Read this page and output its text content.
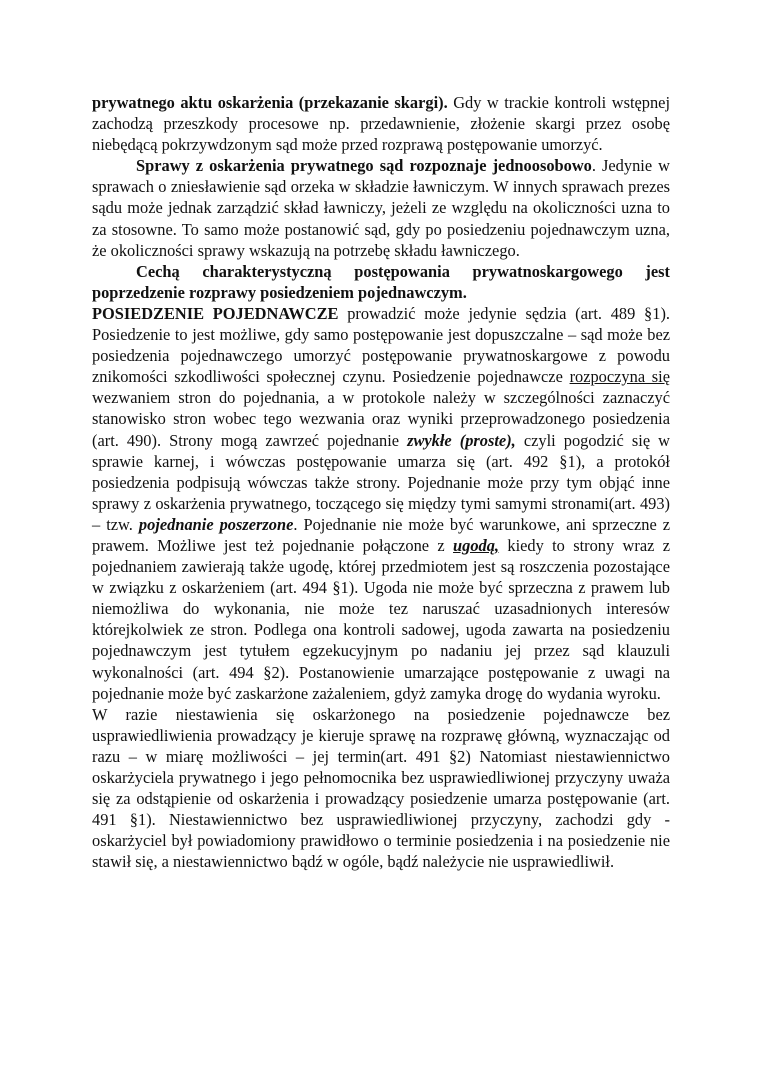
prywatnego aktu oskarżenia (przekazanie skargi). Gdy w trackie kontroli wstępnej zachodzą przeszkody procesowe np. przedawnienie, złożenie skargi przez osobę niebędącą pokrzywdzonym sąd może przed rozprawą postępowanie umorzyć.

Sprawy z oskarżenia prywatnego sąd rozpoznaje jednoosobowo. Jedynie w sprawach o zniesławienie sąd orzeka w składzie ławniczym. W innych sprawach prezes sądu może jednak zarządzić skład ławniczy, jeżeli ze względu na okoliczności uzna to za stosowne. To samo może postanowić sąd, gdy po posiedzeniu pojednawczym uzna, że okoliczności sprawy wskazują na potrzebę składu ławniczego.

Cechą charakterystyczną postępowania prywatnoskargowego jest poprzedzenie rozprawy posiedzeniem pojednawczym.

POSIEDZENIE POJEDNAWCZE prowadzić może jedynie sędzia (art. 489 §1). Posiedzenie to jest możliwe, gdy samo postępowanie jest dopuszczalne – sąd może bez posiedzenia pojednawczego umorzyć postępowanie prywatnoskargowe z powodu znikomości szkodliwości społecznej czynu. Posiedzenie pojednawcze rozpoczyna się wezwaniem stron do pojednania, a w protokole należy w szczególności zaznaczyć stanowisko stron wobec tego wezwania oraz wyniki przeprowadzonego posiedzenia (art. 490). Strony mogą zawrzeć pojednanie zwykłe (proste), czyli pogodzić się w sprawie karnej, i wówczas postępowanie umarza się (art. 492 §1), a protokół posiedzenia podpisują wówczas także strony. Pojednanie może przy tym objąć inne sprawy z oskarżenia prywatnego, toczącego się między tymi samymi stronami(art. 493) – tzw. pojednanie poszerzone. Pojednanie nie może być warunkowe, ani sprzeczne z prawem. Możliwe jest też pojednanie połączone z ugodą, kiedy to strony wraz z pojednaniem zawierają także ugodę, której przedmiotem jest są roszczenia pozostające w związku z oskarżeniem (art. 494 §1). Ugoda nie może być sprzeczna z prawem lub niemożliwa do wykonania, nie może tez naruszać uzasadnionych interesów którejkolwiek ze stron. Podlega ona kontroli sadowej, ugoda zawarta na posiedzeniu pojednawczym jest tytułem egzekucyjnym po nadaniu jej przez sąd klauzuli wykonalności (art. 494 §2). Postanowienie umarzające postępowanie z uwagi na pojednanie może być zaskarżone zażaleniem, gdyż zamyka drogę do wydania wyroku.

W razie niestawienia się oskarżonego na posiedzenie pojednawcze bez usprawiedliwienia prowadzący je kieruje sprawę na rozprawę główną, wyznaczając od razu – w miarę możliwości – jej termin(art. 491 §2) Natomiast niestawiennictwo oskarżyciela prywatnego i jego pełnomocnika bez usprawiedliwionej przyczyny uważa się za odstąpienie od oskarżenia i prowadzący posiedzenie umarza postępowanie (art. 491 §1). Niestawiennictwo bez usprawiedliwionej przyczyny, zachodzi gdy - oskarżyciel był powiadomiony prawidłowo o terminie posiedzenia i na posiedzenie nie stawił się, a niestawiennictwo bądź w ogóle, bądź należycie nie usprawiedliwił.
